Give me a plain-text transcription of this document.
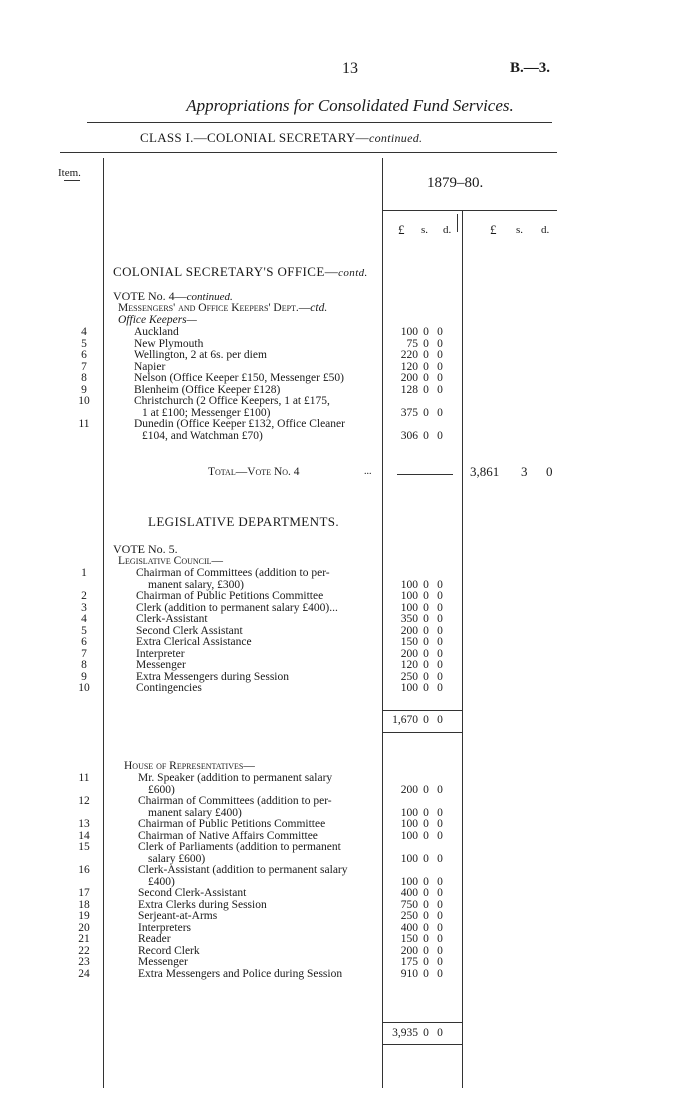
13	B.—3.
Appropriations for Consolidated Fund Services.
CLASS I.—COLONIAL SECRETARY—continued.
Item.
1879–80.
£ s. d.	£ s. d.
COLONIAL SECRETARY'S OFFICE—contd.
VOTE No. 4—continued.
Messengers' and Office Keepers' Dept.—ctd.
Office Keepers—
4	Auckland	100 0 0
5	New Plymouth	75 0 0
6	Wellington, 2 at 6s. per diem	220 0 0
7	Napier	120 0 0
8	Nelson (Office Keeper £150, Messenger £50)	200 0 0
9	Blenheim (Office Keeper £128)	128 0 0
10	Christchurch (2 Office Keepers, 1 at £175,
1 at £100; Messenger £100)	375 0 0
11	Dunedin (Office Keeper £132, Office Cleaner
£104, and Watchman £70)	306 0 0
Total—Vote No. 4	...	3,861 3 0
LEGISLATIVE DEPARTMENTS.
VOTE No. 5.
Legislative Council—
1	Chairman of Committees (addition to per-
manent salary, £300)	100 0 0
2	Chairman of Public Petitions Committee	100 0 0
3	Clerk (addition to permanent salary £400)...	100 0 0
4	Clerk-Assistant	350 0 0
5	Second Clerk Assistant	200 0 0
6	Extra Clerical Assistance	150 0 0
7	Interpreter	200 0 0
8	Messenger	120 0 0
9	Extra Messengers during Session	250 0 0
10	Contingencies	100 0 0
1,670 0 0
House of Representatives—
11	Mr. Speaker (addition to permanent salary
£600)	200 0 0
12	Chairman of Committees (addition to per-
manent salary £400)	100 0 0
13	Chairman of Public Petitions Committee	100 0 0
14	Chairman of Native Affairs Committee	100 0 0
15	Clerk of Parliaments (addition to permanent
salary £600)	100 0 0
16	Clerk-Assistant (addition to permanent salary
£400)	100 0 0
17	Second Clerk-Assistant	400 0 0
18	Extra Clerks during Session	750 0 0
19	Serjeant-at-Arms	250 0 0
20	Interpreters	400 0 0
21	Reader	150 0 0
22	Record Clerk	200 0 0
23	Messenger	175 0 0
24	Extra Messengers and Police during Session	910 0 0
3,935 0 0
